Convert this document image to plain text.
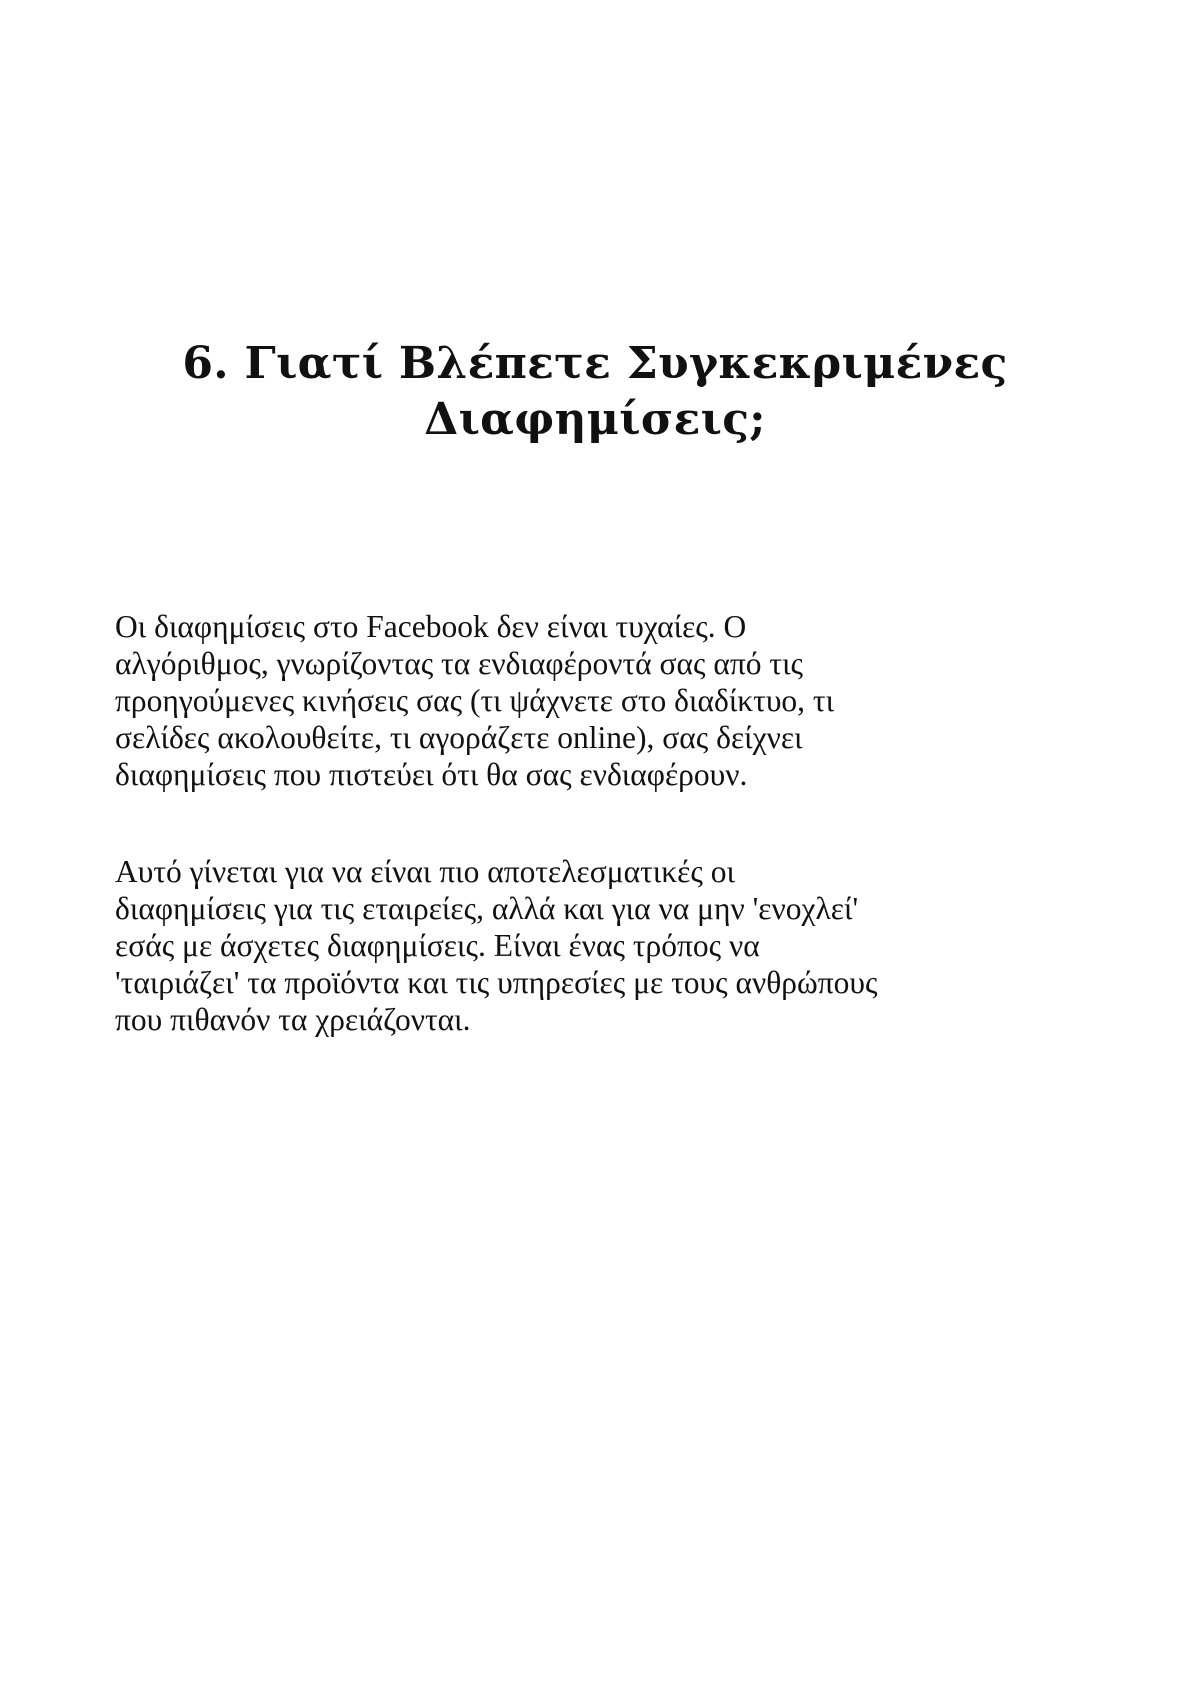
6. Γιατί Βλέπετε Συγκεκριμένες
Διαφημίσεις;

Οι διαφημίσεις στο Facebook δεν είναι τυχαίες. Ο
αλγόριθμος, γνωρίζοντας τα ενδιαφέροντά σας από τις
προηγούμενες κινήσεις σας (τι ψάχνετε στο διαδίκτυο, τι
σελίδες ακολουθείτε, τι αγοράζετε online), σας δείχνει
διαφημίσεις που πιστεύει ότι θα σας ενδιαφέρουν.

Αυτό γίνεται για να είναι πιο αποτελεσματικές οι
διαφημίσεις για τις εταιρείες, αλλά και για να μην 'ενοχλεί'
εσάς με άσχετες διαφημίσεις. Είναι ένας τρόπος να
'ταιριάζει' τα προϊόντα και τις υπηρεσίες με τους ανθρώπους
που πιθανόν τα χρειάζονται.
